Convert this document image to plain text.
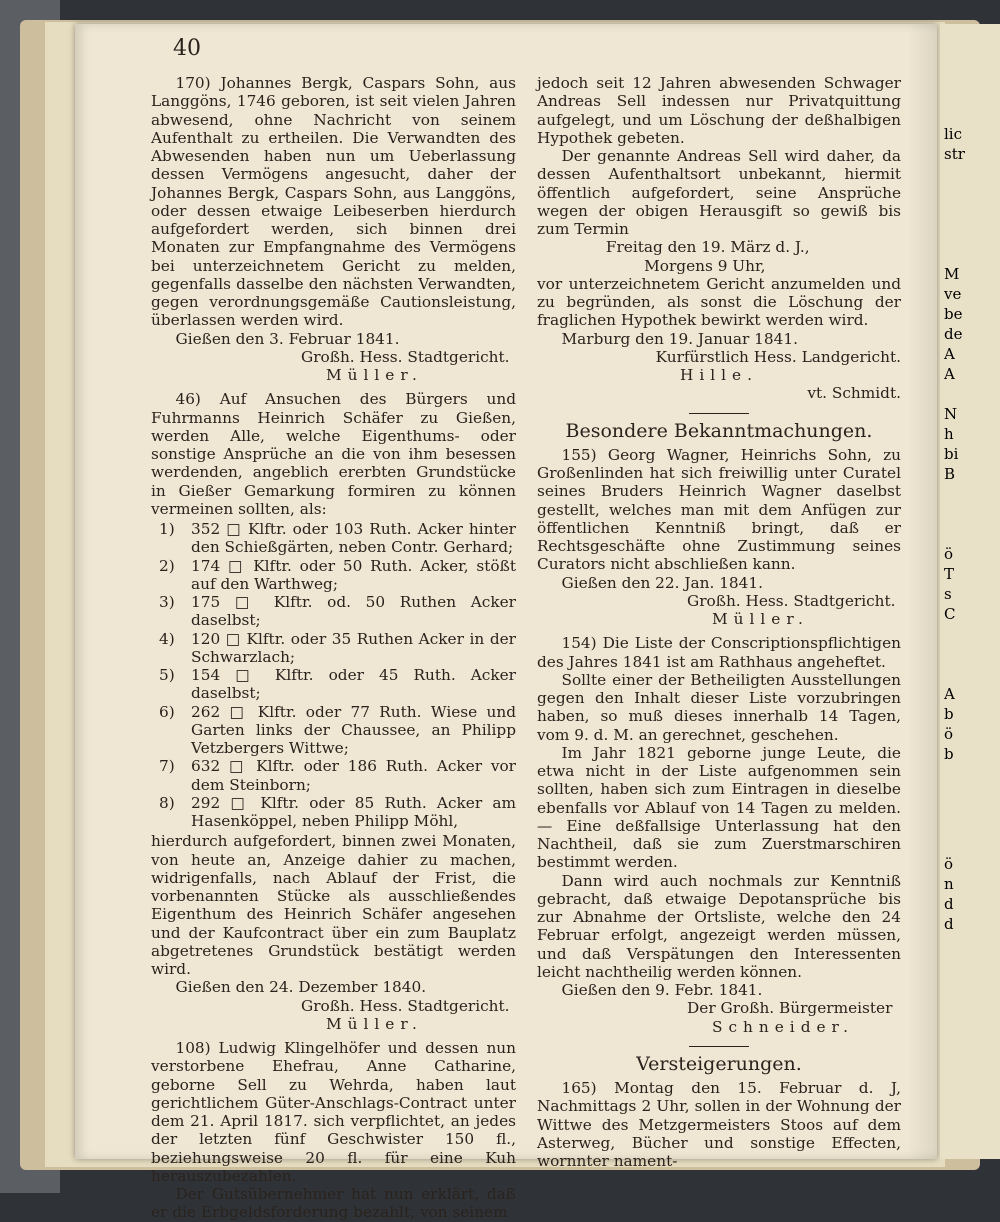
40

170) Johannes Bergk, Caspars Sohn, aus Langgöns, 1746 geboren, ist seit vielen Jahren abwesend, ohne Nachricht von seinem Aufenthalt zu ertheilen. Die Verwandten des Abwesenden haben nun um Ueberlassung dessen Vermögens angesucht, daher der Johannes Bergk, Caspars Sohn, aus Langgöns, oder dessen etwaige Leibeserben hierdurch aufgefordert werden, sich binnen drei Monaten zur Empfangnahme des Vermögens bei unterzeichnetem Gericht zu melden, gegenfalls dasselbe den nächsten Verwandten, gegen verordnungsgemäße Cautionsleistung, überlassen werden wird.

Gießen den 3. Februar 1841.

Großh. Hess. Stadtgericht.

Müller.

46) Auf Ansuchen des Bürgers und Fuhrmanns Heinrich Schäfer zu Gießen, werden Alle, welche Eigenthums- oder sonstige Ansprüche an die von ihm besessen werdenden, angeblich ererbten Grundstücke in Gießer Gemarkung formiren zu können vermeinen sollten, als:

1)	352 □ Klftr. oder 103 Ruth. Acker hinter den Schießgärten, neben Contr. Gerhard;
2)	174 □ Klftr. oder 50 Ruth. Acker, stößt auf den Warthweg;
3)	175 □ Klftr. od. 50 Ruthen Acker daselbst;
4)	120 □ Klftr. oder 35 Ruthen Acker in der Schwarzlach;
5)	154 □ Klftr. oder 45 Ruth. Acker daselbst;
6)	262 □ Klftr. oder 77 Ruth. Wiese und Garten links der Chaussee, an Philipp Vetzbergers Wittwe;
7)	632 □ Klftr. oder 186 Ruth. Acker vor dem Steinborn;
8)	292 □ Klftr. oder 85 Ruth. Acker am Hasenköppel, neben Philipp Möhl,

hierdurch aufgefordert, binnen zwei Monaten, von heute an, Anzeige dahier zu machen, widrigenfalls, nach Ablauf der Frist, die vorbenannten Stücke als ausschließendes Eigenthum des Heinrich Schäfer angesehen und der Kaufcontract über ein zum Bauplatz abgetretenes Grundstück bestätigt werden wird.

Gießen den 24. Dezember 1840.

Großh. Hess. Stadtgericht.

Müller.

108) Ludwig Klingelhöfer und dessen nun verstorbene Ehefrau, Anne Catharine, geborne Sell zu Wehrda, haben laut gerichtlichem Güter-Anschlags-Contract unter dem 21. April 1817. sich verpflichtet, an jedes der letzten fünf Geschwister 150 fl., beziehungsweise 20 fl. für eine Kuh herauszubezahlen.

Der Gutsübernehmer hat nun erklärt, daß er die Erbgeldsforderung bezahlt, von seinem

jedoch seit 12 Jahren abwesenden Schwager Andreas Sell indessen nur Privatquittung aufgelegt, und um Löschung der deßhalbigen Hypothek gebeten.

Der genannte Andreas Sell wird daher, da dessen Aufenthaltsort unbekannt, hiermit öffentlich aufgefordert, seine Ansprüche wegen der obigen Herausgift so gewiß bis zum Termin

Freitag den 19. März d. J.,

Morgens 9 Uhr,

vor unterzeichnetem Gericht anzumelden und zu begründen, als sonst die Löschung der fraglichen Hypothek bewirkt werden wird.

Marburg den 19. Januar 1841.

Kurfürstlich Hess. Landgericht.

Hille.

vt. Schmidt.

Besondere Bekanntmachungen.

155) Georg Wagner, Heinrichs Sohn, zu Großenlinden hat sich freiwillig unter Curatel seines Bruders Heinrich Wagner daselbst gestellt, welches man mit dem Anfügen zur öffentlichen Kenntniß bringt, daß er Rechtsgeschäfte ohne Zustimmung seines Curators nicht abschließen kann.

Gießen den 22. Jan. 1841.

Großh. Hess. Stadtgericht.

Müller.

154) Die Liste der Conscriptionspflichtigen des Jahres 1841 ist am Rathhaus angeheftet.

Sollte einer der Betheiligten Ausstellungen gegen den Inhalt dieser Liste vorzubringen haben, so muß dieses innerhalb 14 Tagen, vom 9. d. M. an gerechnet, geschehen.

Im Jahr 1821 geborne junge Leute, die etwa nicht in der Liste aufgenommen sein sollten, haben sich zum Eintragen in dieselbe ebenfalls vor Ablauf von 14 Tagen zu melden. — Eine deßfallsige Unterlassung hat den Nachtheil, daß sie zum Zuerstmarschiren bestimmt werden.

Dann wird auch nochmals zur Kenntniß gebracht, daß etwaige Depotansprüche bis zur Abnahme der Ortsliste, welche den 24 Februar erfolgt, angezeigt werden müssen, und daß Verspätungen den Interessenten leicht nachtheilig werden können.

Gießen den 9. Febr. 1841.

Der Großh. Bürgermeister

Schneider.

Versteigerungen.

165) Montag den 15. Februar d. J, Nachmittags 2 Uhr, sollen in der Wohnung der Wittwe des Metzgermeisters Stoos auf dem Asterweg, Bücher und sonstige Effecten, wornnter nament-

lic
str
M
ve
be
de
A
A
N
h
bi
B
ö
T
s
C
A
b
ö
b
ö
n
d
d
